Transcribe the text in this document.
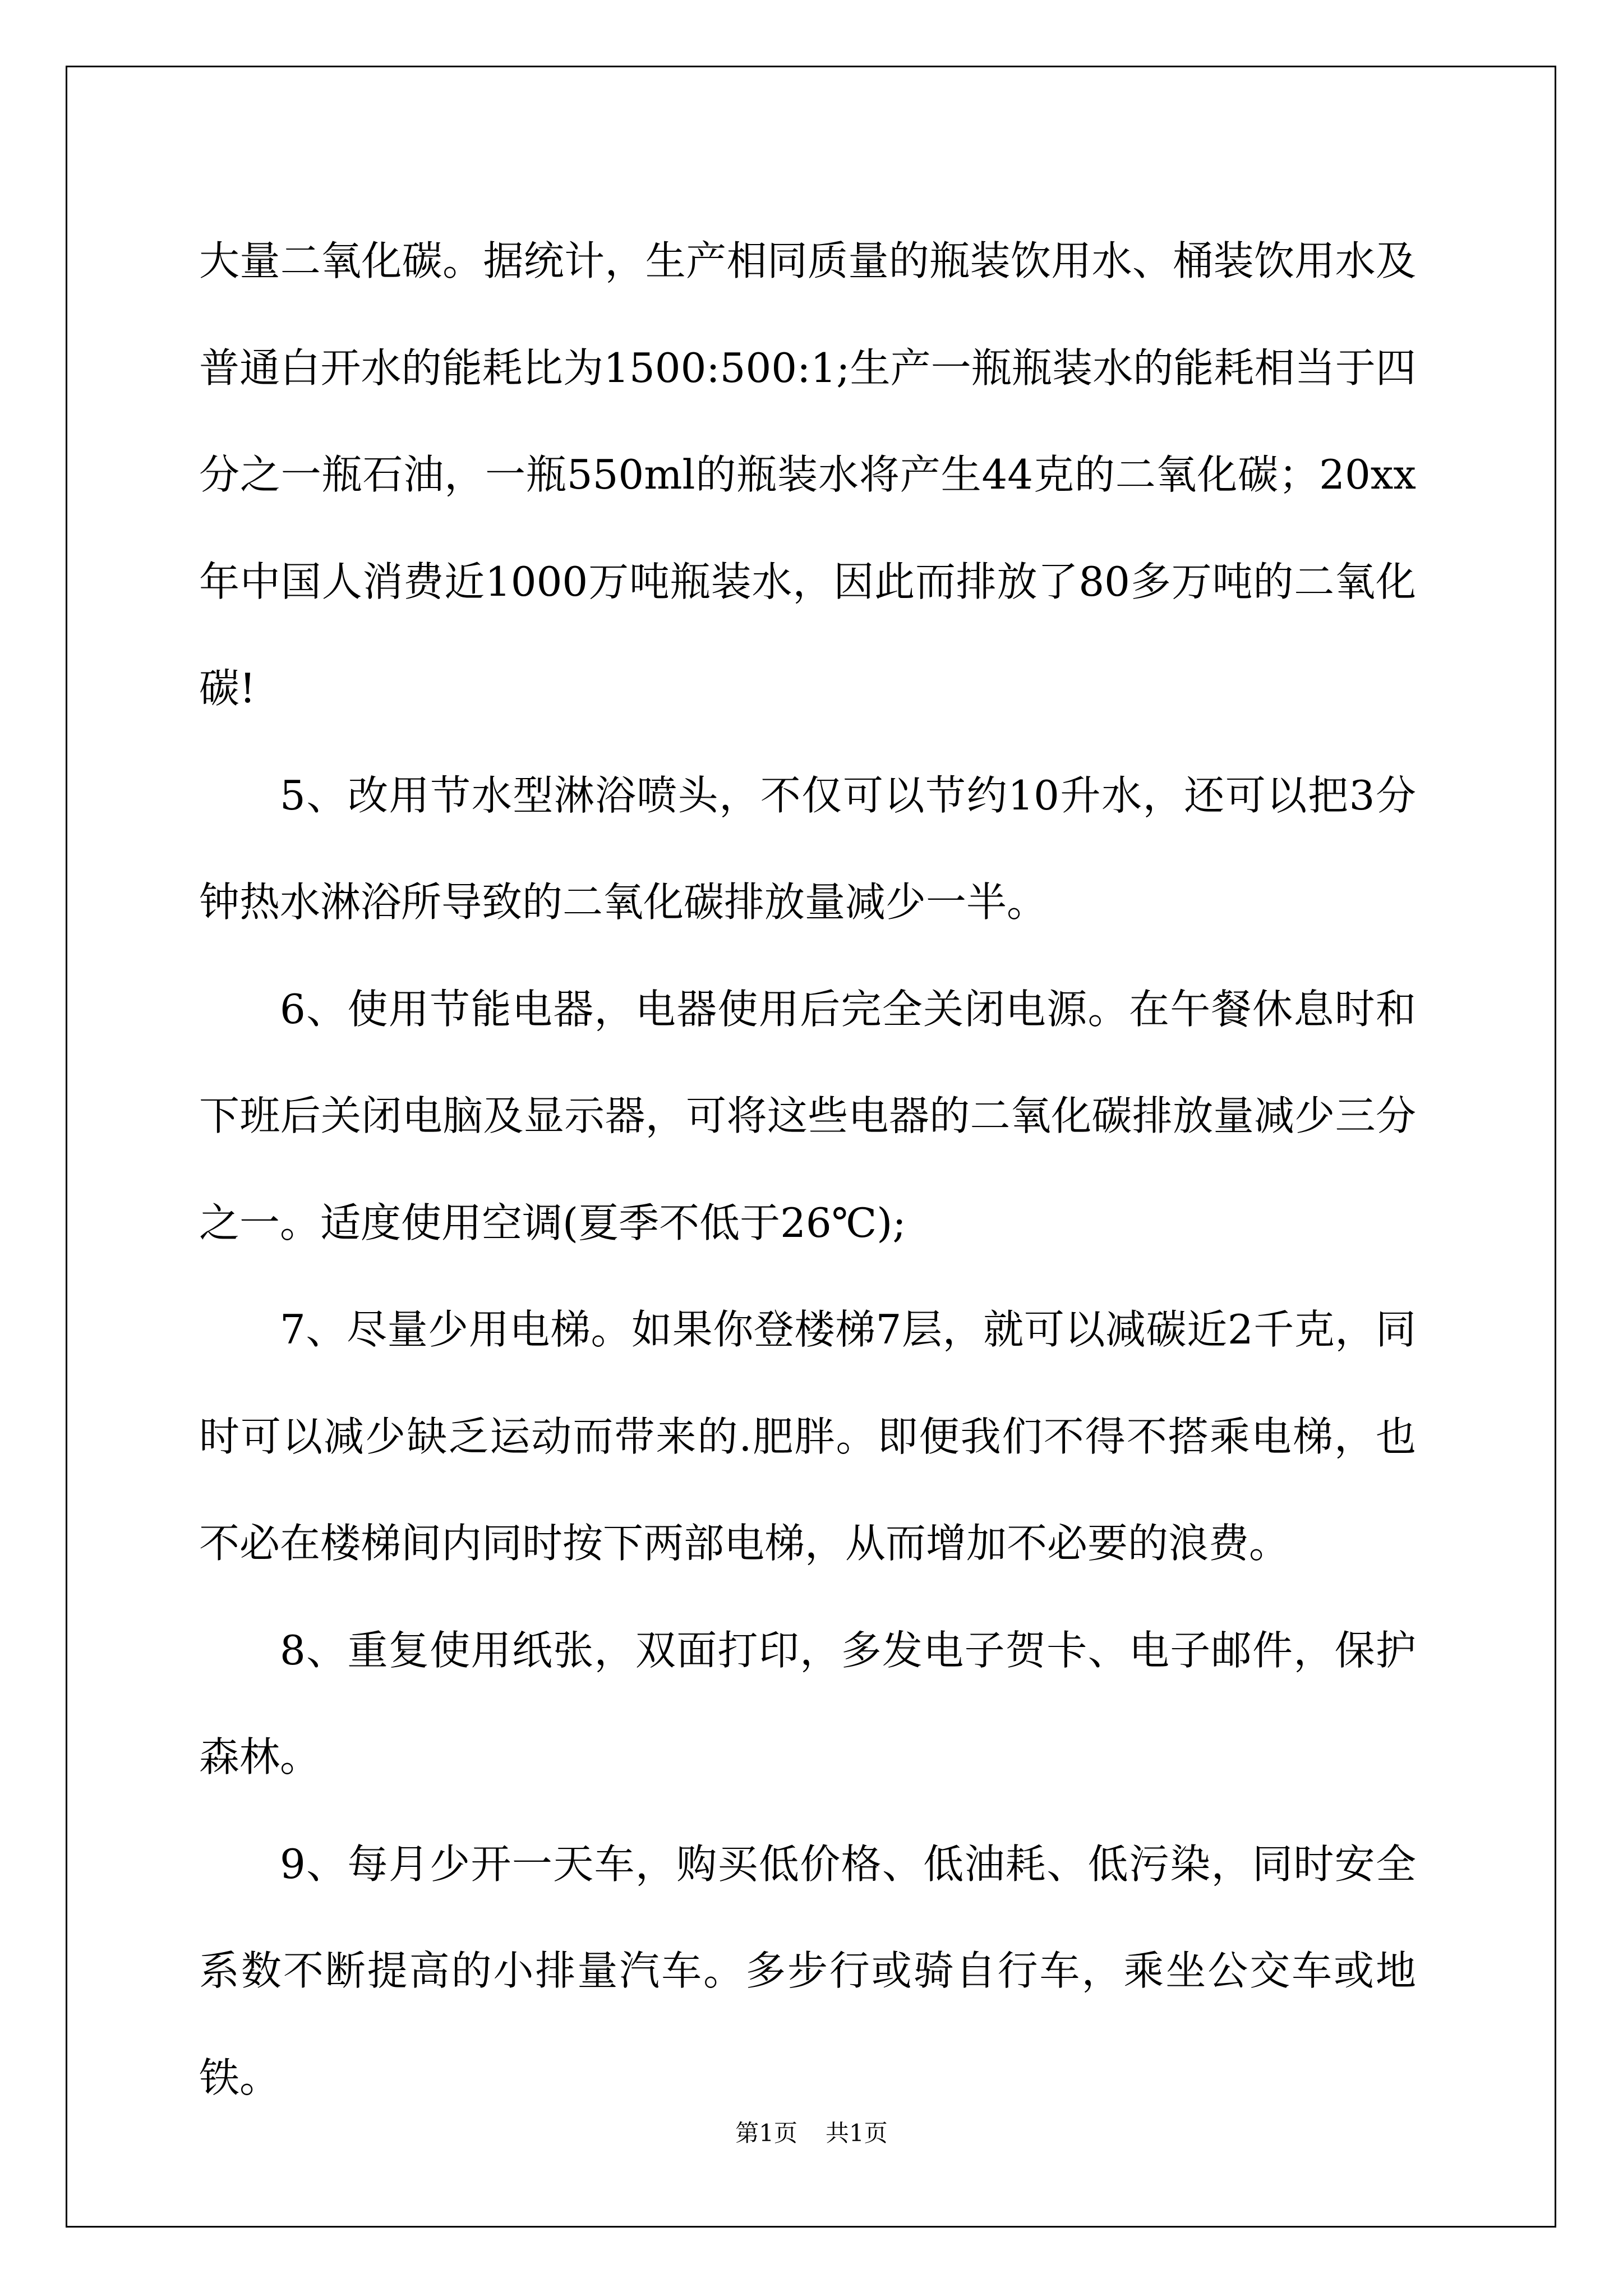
大量二氧化碳。据统计，生产相同质量的瓶装饮用水、桶装饮用水及普通白开水的能耗比为1500:500:1;生产一瓶瓶装水的能耗相当于四分之一瓶石油，一瓶550ml的瓶装水将产生44克的二氧化碳；20xx年中国人消费近1000万吨瓶装水，因此而排放了80多万吨的二氧化碳!

5、改用节水型淋浴喷头，不仅可以节约10升水，还可以把3分钟热水淋浴所导致的二氧化碳排放量减少一半。

6、使用节能电器，电器使用后完全关闭电源。在午餐休息时和下班后关闭电脑及显示器，可将这些电器的二氧化碳排放量减少三分之一。适度使用空调(夏季不低于26℃);

7、尽量少用电梯。如果你登楼梯7层，就可以减碳近2千克，同时可以减少缺乏运动而带来的.肥胖。即便我们不得不搭乘电梯，也不必在楼梯间内同时按下两部电梯，从而增加不必要的浪费。

8、重复使用纸张，双面打印，多发电子贺卡、电子邮件，保护森林。

9、每月少开一天车，购买低价格、低油耗、低污染，同时安全系数不断提高的小排量汽车。多步行或骑自行车，乘坐公交车或地铁。

第1页 共1页
